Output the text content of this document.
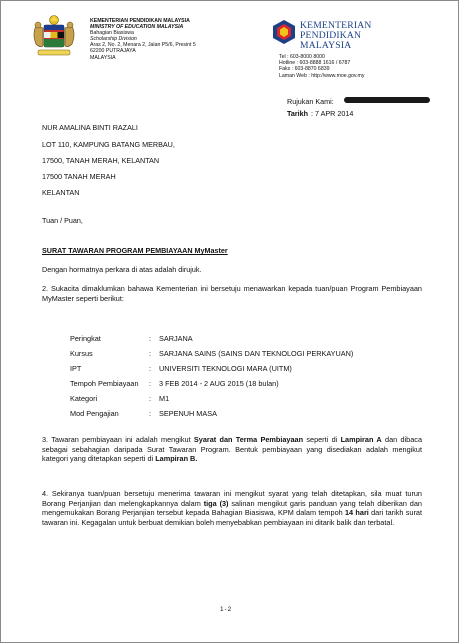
KEMENTERIAN PENDIDIKAN MALAYSIA
MINISTRY OF EDUCATION MALAYSIA
Bahagian Biasiswa
Scholarship Division
Aras 2, No. 2, Menara 2, Jalan P5/6, Presint 5
62200 PUTRAJAYA
MALAYSIA
KEMENTERIAN
PENDIDIKAN
MALAYSIA
Tel : 603-8000 8000
Hotline : 603-8888 1616 / 6787
Faks : 603-8870 6839
Laman Web : http://www.moe.gov.my
Rujukan Kami:
Tarikh : 7 APR 2014
NUR AMALINA BINTI RAZALI
LOT 110, KAMPUNG BATANG MERBAU,
17500, TANAH MERAH, KELANTAN
17500 TANAH MERAH
KELANTAN
Tuan / Puan,
SURAT TAWARAN PROGRAM PEMBIAYAAN MyMaster
Dengan hormatnya perkara di atas adalah dirujuk.
2. Sukacita dimaklumkan bahawa Kementerian ini bersetuju menawarkan kepada tuan/puan Program Pembiayaan MyMaster seperti berikut:
Peringkat	: SARJANA
Kursus	: SARJANA SAINS (SAINS DAN TEKNOLOGI PERKAYUAN)
IPT	: UNIVERSITI TEKNOLOGI MARA (UITM)
Tempoh Pembiayaan : 3 FEB 2014 - 2 AUG 2015 (18 bulan)
Kategori	: M1
Mod Pengajian	: SEPENUH MASA
3. Tawaran pembiayaan ini adalah mengikut Syarat dan Terma Pembiayaan seperti di Lampiran A dan dibaca sebagai sebahagian daripada Surat Tawaran Program. Bentuk pembiayaan yang disediakan adalah mengikut kategori yang ditetapkan seperti di Lampiran B.
4. Sekiranya tuan/puan bersetuju menerima tawaran ini mengikut syarat yang telah ditetapkan, sila muat turun Borang Perjanjian dan melengkapkannya dalam tiga (3) salinan mengikut garis panduan yang telah diberikan dan mengemukakan Borang Perjanjian tersebut kepada Bahagian Biasiswa, KPM dalam tempoh 14 hari dari tarikh surat tawaran ini. Kegagalan untuk berbuat demikian boleh menyebabkan pembiayaan ini ditarik balik dan terbatal.
1-2
